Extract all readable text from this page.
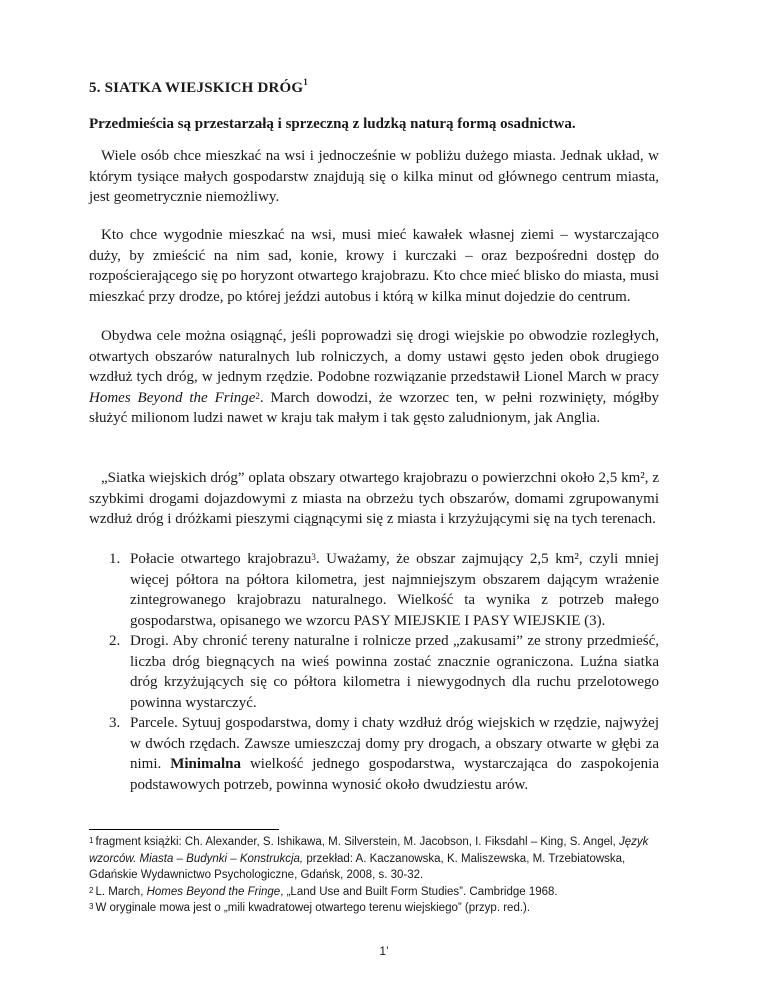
5. SIATKA WIEJSKICH DRÓG$^1$

Przedmieścia są przestarzałą i sprzeczną z ludzką naturą formą osadnictwa.

Wiele osób chce mieszkać na wsi i jednocześnie w pobliżu dużego miasta. Jednak układ, w którym tysiące małych gospodarstw znajdują się o kilka minut od głównego centrum miasta, jest geometrycznie niemożliwy.

Kto chce wygodnie mieszkać na wsi, musi mieć kawałek własnej ziemi – wystarczająco duży, by zmieścić na nim sad, konie, krowy i kurczaki – oraz bezpośredni dostęp do rozpościerającego się po horyzont otwartego krajobrazu. Kto chce mieć blisko do miasta, musi mieszkać przy drodze, po której jeździ autobus i którą w kilka minut dojedzie do centrum.

Obydwa cele można osiągnąć, jeśli poprowadzi się drogi wiejskie po obwodzie rozległych, otwartych obszarów naturalnych lub rolniczych, a domy ustawi gęsto jeden obok drugiego wzdłuż tych dróg, w jednym rzędzie. Podobne rozwiązanie przedstawił Lionel March w pracy Homes Beyond the Fringe$^2$. March dowodzi, że wzorzec ten, w pełni rozwinięty, mógłby służyć milionom ludzi nawet w kraju tak małym i tak gęsto zaludnionym, jak Anglia.

„Siatka wiejskich dróg” oplata obszary otwartego krajobrazu o powierzchni około 2,5 km², z szybkimi drogami dojazdowymi z miasta na obrzeżu tych obszarów, domami zgrupowanymi wzdłuż dróg i dróżkami pieszymi ciągnącymi się z miasta i krzyżującymi się na tych terenach.

1. Połacie otwartego krajobrazu$^3$. Uważamy, że obszar zajmujący 2,5 km², czyli mniej więcej półtora na półtora kilometra, jest najmniejszym obszarem dającym wrażenie zintegrowanego krajobrazu naturalnego. Wielkość ta wynika z potrzeb małego gospodarstwa, opisanego we wzorcu PASY MIEJSKIE I PASY WIEJSKIE (3).
2. Drogi. Aby chronić tereny naturalne i rolnicze przed „zakusami” ze strony przedmieść, liczba dróg biegnących na wieś powinna zostać znacznie ograniczona. Luźna siatka dróg krzyżujących się co półtora kilometra i niewygodnych dla ruchu przelotowego powinna wystarczyć.
3. Parcele. Sytuuj gospodarstwa, domy i chaty wzdłuż dróg wiejskich w rzędzie, najwyżej w dwóch rzędach. Zawsze umieszczaj domy pry drogach, a obszary otwarte w głębi za nimi. Minimalna wielkość jednego gospodarstwa, wystarczająca do zaspokojenia podstawowych potrzeb, powinna wynosić około dwudziestu arów.

$^1$ fragment książki: Ch. Alexander, S. Ishikawa, M. Silverstein, M. Jacobson, I. Fiksdahl – King, S. Angel, Język wzorców. Miasta – Budynki – Konstrukcja, przekład: A. Kaczanowska, K. Maliszewska, M. Trzebiatowska, Gdańskie Wydawnictwo Psychologiczne, Gdańsk, 2008, s. 30-32.

$^2$ L. March, Homes Beyond the Fringe, „Land Use and Built Form Studies”. Cambridge 1968.

$^3$ W oryginale mowa jest o „mili kwadratowej otwartego terenu wiejskiego” (przyp. red.).

1’
